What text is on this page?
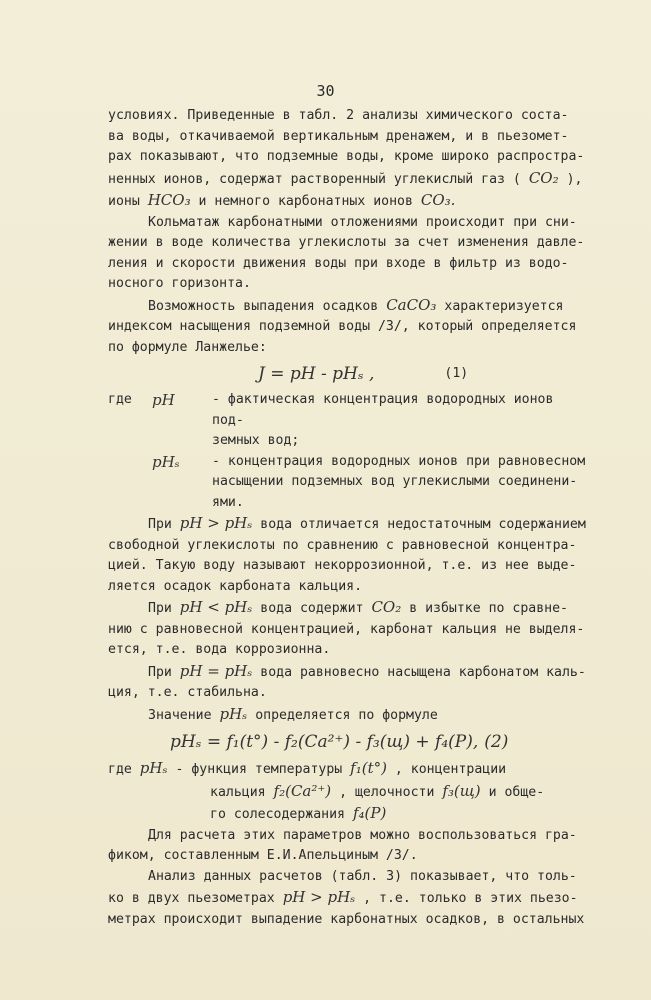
30

условиях. Приведенные в табл. 2 анализы химического соста-
ва воды, откачиваемой вертикальным дренажем, и в пьезомет-
рах показывают, что подземные воды, кроме широко распростра-
ненных ионов, содержат растворенный углекислый газ ( CO₂ ),
ионы HCO₃ и немного карбонатных ионов CO₃.

Кольматаж карбонатными отложениями происходит при сни-
жении в воде количества углекислоты за счет изменения давле-
ления и скорости движения воды при входе в фильтр из водо-
носного горизонта.

Возможность выпадения осадков CaCO₃ характеризуется
индексом насыщения подземной воды /3/, который определяется
по формуле Ланжелье:

J = pH - pHₛ ,	(1)
где	pH	- фактическая концентрация водородных ионов под-
земных вод;
pHₛ	- концентрация водородных ионов при равновесном
насыщении подземных вод углекислыми соединени-
ями.

При pH > pHₛ вода отличается недостаточным содержанием
свободной углекислоты по сравнению с равновесной концентра-
цией. Такую воду называют некоррозионной, т.е. из нее выде-
ляется осадок карбоната кальция.

При pH < pHₛ вода содержит CO₂ в избытке по сравне-
нию с равновесной концентрацией, карбонат кальция не выделя-
ется, т.е. вода коррозионна.

При pH = pHₛ вода равновесно насыщена карбонатом каль-
ция, т.е. стабильна.

Значение pHₛ определяется по формуле

pHₛ = f₁(t°) - f₂(Ca²⁺) - f₃(щ) + f₄(P), (2)

где pHₛ - функция температуры f₁(t°) , концентрации
кальция f₂(Ca²⁺) , щелочности f₃(щ) и обще-
го солесодержания f₄(P)

Для расчета этих параметров можно воспользоваться гра-
фиком, составленным Е.И.Апельциным /3/.

Анализ данных расчетов (табл. 3) показывает, что толь-
ко в двух пьезометрах pH > pHₛ , т.е. только в этих пьезо-
метрах происходит выпадение карбонатных осадков, в остальных
